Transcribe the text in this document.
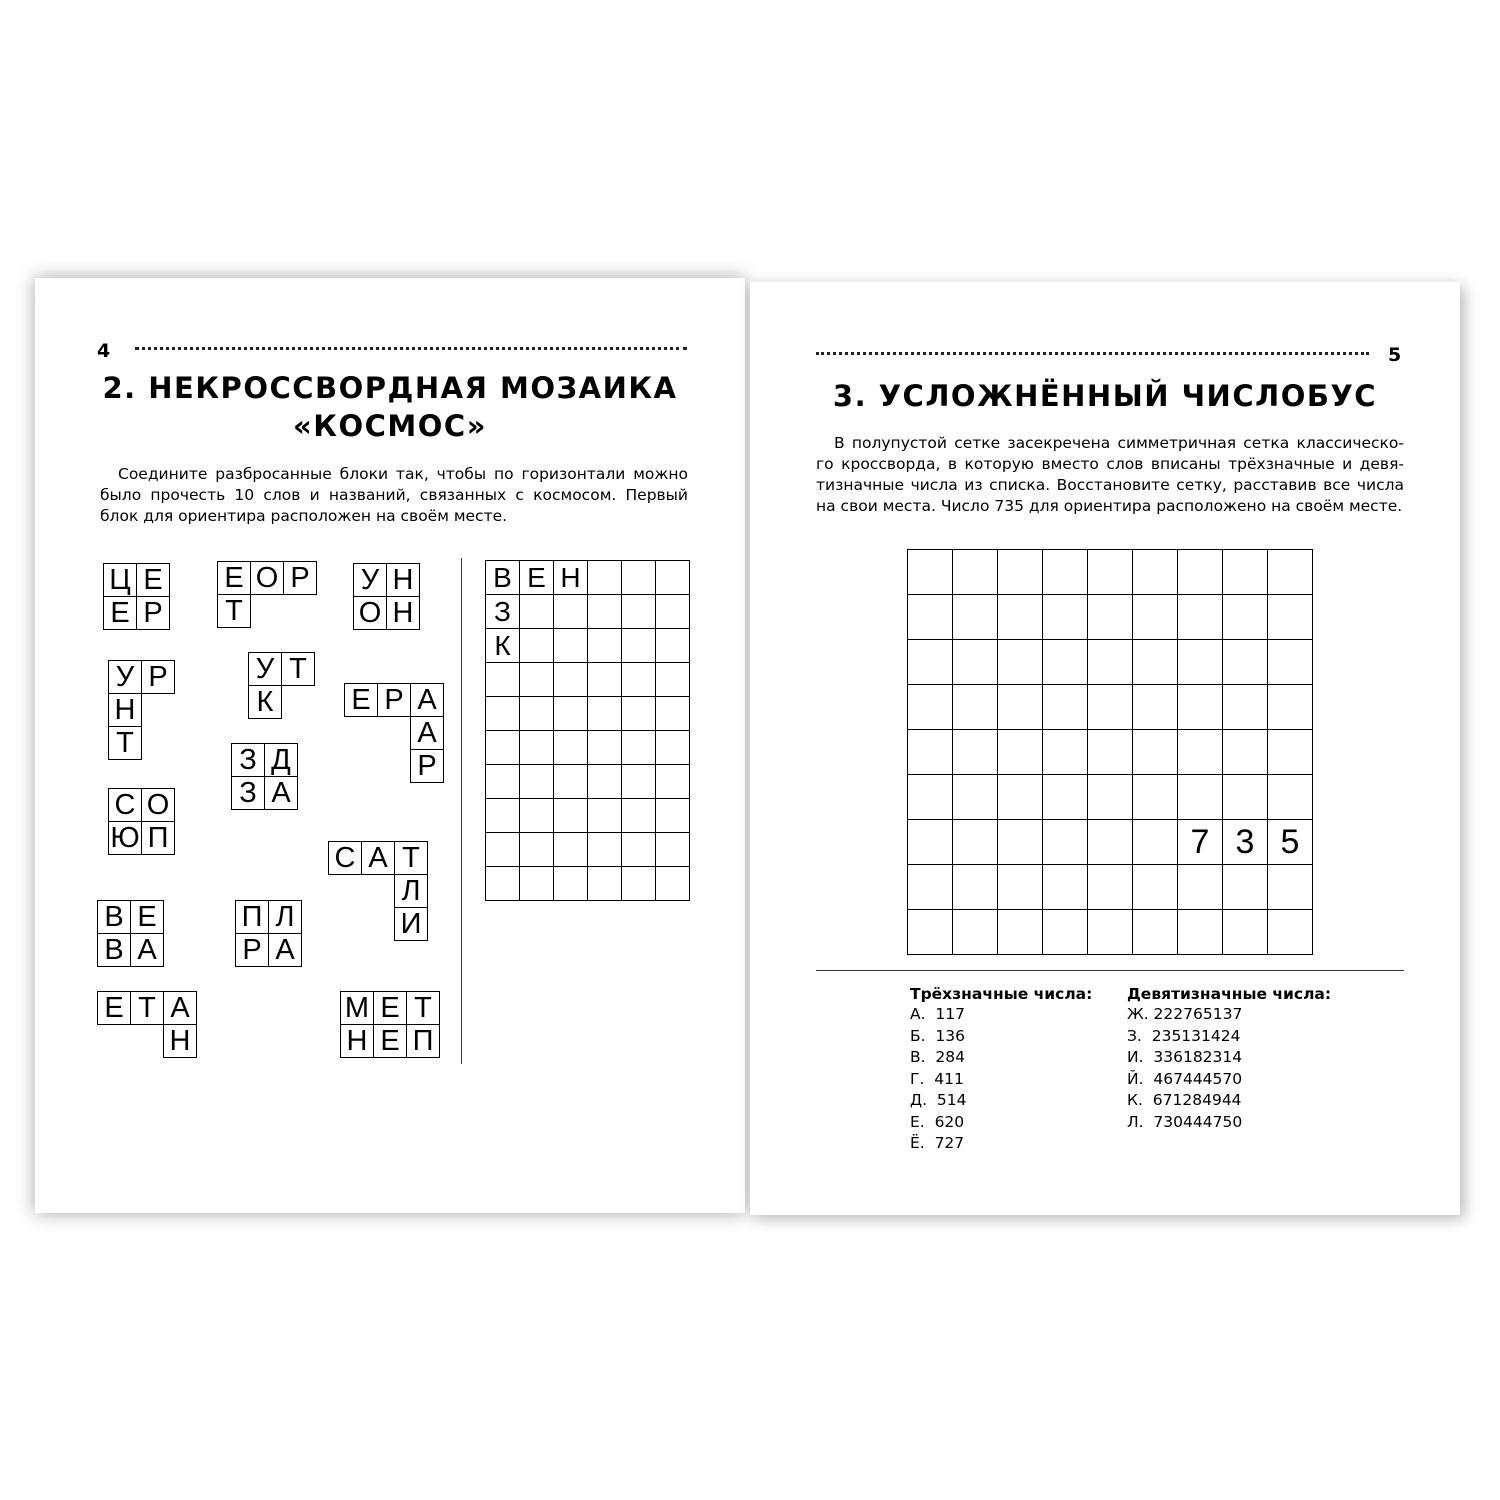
4
2. НЕКРОССВОРДНАЯ МОЗАИКА
«КОСМОС»

Соедините разбросанные блоки так, чтобы по горизонтали можно было прочесть 10 слов и названий, связанных с космосом. Первый блок для ориентира расположен на своём месте.

Ц Е
Е Р
Е О Р
Т
У Н
О Н
У Р
Н
Т
У Т
К	Е Р А
А
Р
З Д
З А
С О
Ю П
С А Т
Л
И
В Е
В А
П Л
Р А
Е Т А
Н
М Е Т
Н Е П
В	Е	Н			
З					
К					

5
3. УСЛОЖНЁННЫЙ ЧИСЛОБУС

В полупустой сетке засекречена симметричная сетка классическо-го кроссворда, в которую вместо слов вписаны трёхзначные и девя-тизначные числа из списка. Восстановите сетку, расставив все числа на свои места. Число 735 для ориентира расположено на своём месте.

						7	3	5

Трёхзначные числа:
А.  117
Б.  136
В.  284
Г.  411
Д.  514
Е.  620
Ё.  727
Девятизначные числа:
Ж. 222765137
З.  235131424
И.  336182314
Й.  467444570
К.  671284944
Л.  730444750
